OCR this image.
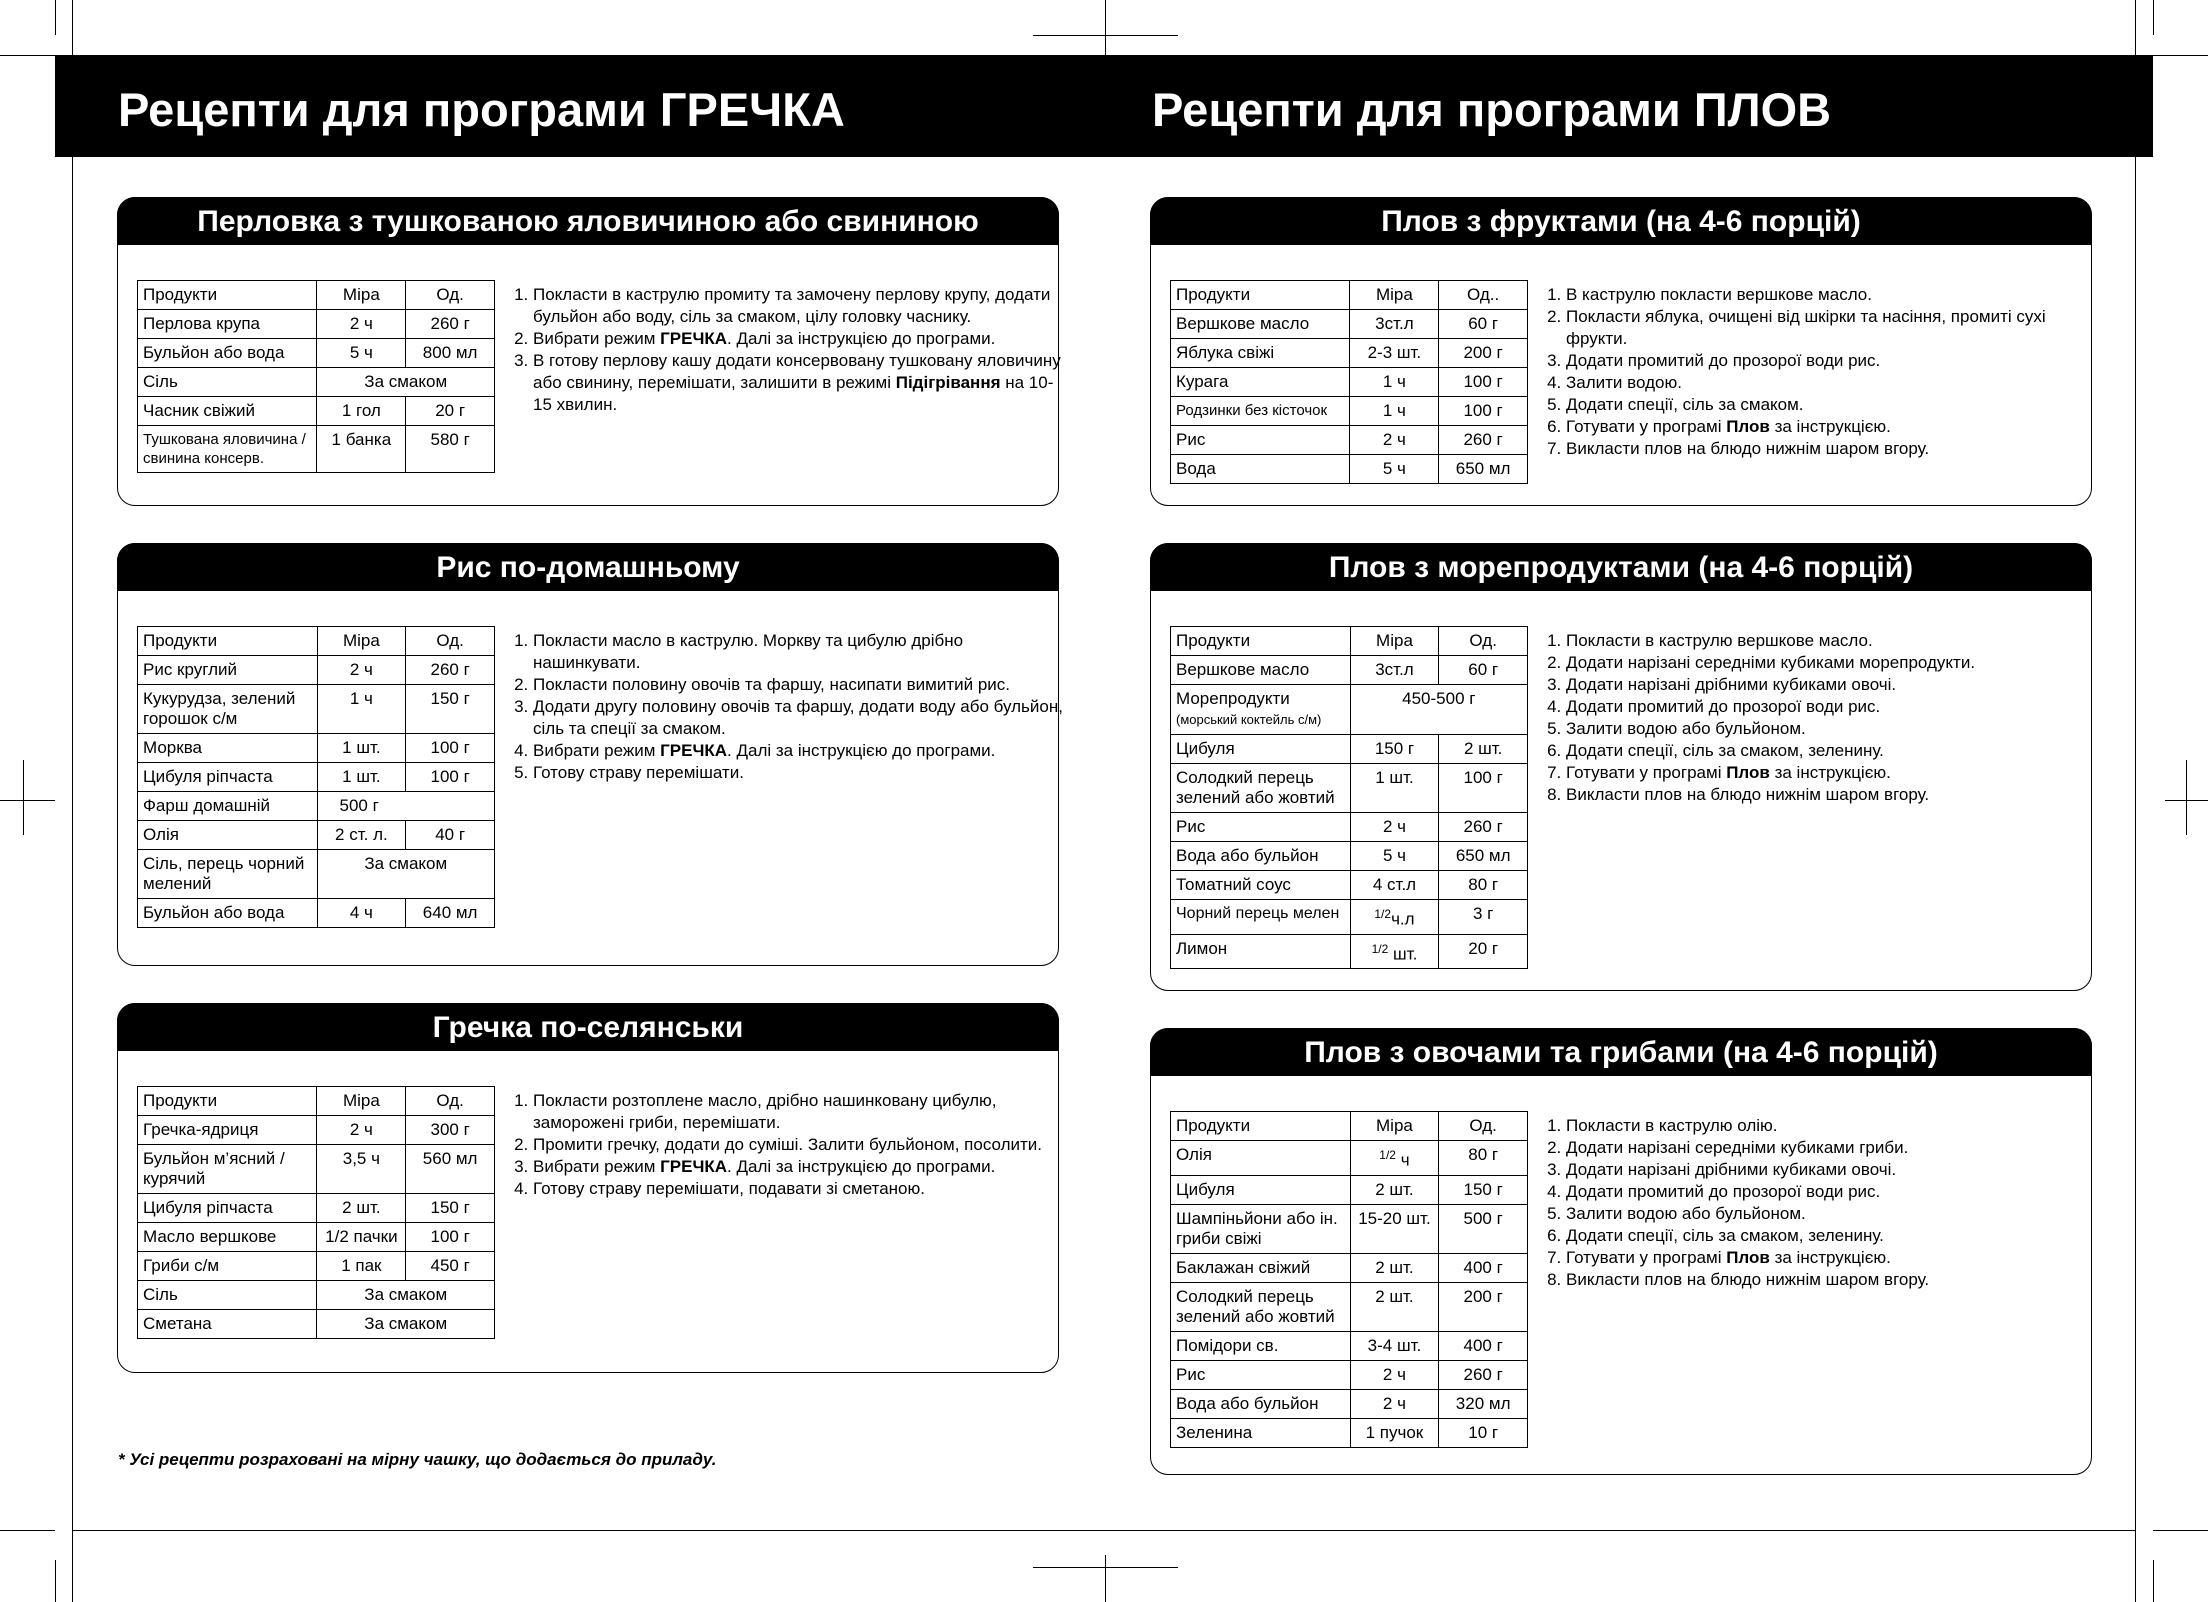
Рецепти для програми ГРЕЧКА	Рецепти для програми ПЛОВ
Перловка з тушкованою яловичиною або свининою
Продукти	Міра	Од.
Перлова крупа	2 ч	260 г
Бульйон або вода	5 ч	800 мл
Сіль	За смаком	
Часник свіжий	1 гол	20 г
Тушкована яловичина / свинина консерв.	1 банка	580 г
1. Покласти в каструлю промиту та замочену перлову крупу, додати бульйон або воду, сіль за смаком, цілу головку часнику.
2. Вибрати режим ГРЕЧКА. Далі за інструкцією до програми.
3. В готову перлову кашу додати консервовану тушковану яловичину або свинину, перемішати, залишити в режимі Підігрівання на 10-15 хвилин.
Рис по-домашньому
Продукти	Міра	Од.
Рис круглий	2 ч	260 г
Кукурудза, зелений горошок с/м	1 ч	150 г
Морква	1 шт.	100 г
Цибуля ріпчаста	1 шт.	100 г
Фарш домашній	500 г	
Олія	2 ст. л.	40 г
Сіль, перець чорний мелений	За смаком	
Бульйон або вода	4 ч	640 мл
1. Покласти масло в каструлю. Моркву та цибулю дрібно нашинкувати.
2. Покласти половину овочів та фаршу, насипати вимитий рис.
3. Додати другу половину овочів та фаршу, додати воду або бульйон, сіль та спеції за смаком.
4. Вибрати режим ГРЕЧКА. Далі за інструкцією до програми.
5. Готову страву перемішати.
Гречка по-селянськи
Продукти	Міра	Од.
Гречка-ядриця	2 ч	300 г
Бульйон м’ясний / курячий	3,5 ч	560 мл
Цибуля ріпчаста	2 шт.	150 г
Масло вершкове	1/2 пачки	100 г
Гриби с/м	1 пак	450 г
Сіль	За смаком	
Сметана	За смаком	
1. Покласти розтоплене масло, дрібно нашинковану цибулю, заморожені гриби, перемішати.
2. Промити гречку, додати до суміші. Залити бульйоном, посолити.
3. Вибрати режим ГРЕЧКА. Далі за інструкцією до програми.
4. Готову страву перемішати, подавати зі сметаною.
* Усі рецепти розраховані на мірну чашку, що додається до приладу.
Плов з фруктами (на 4-6 порцій)
Продукти	Міра	Од..
Вершкове масло	3ст.л	60 г
Яблука свіжі	2-3 шт.	200 г
Курага	1 ч	100 г
Родзинки без кісточок	1 ч	100 г
Рис	2 ч	260 г
Вода	5 ч	650 мл
1. В каструлю покласти вершкове масло.
2. Покласти яблука, очищені від шкірки та насіння, промиті сухі фрукти.
3. Додати промитий до прозорої води рис.
4. Залити водою.
5. Додати спеції, сіль за смаком.
6. Готувати у програмі Плов за інструкцією.
7. Викласти плов на блюдо нижнім шаром вгору.
Плов з морепродуктами (на 4-6 порцій)
Продукти	Міра	Од.
Вершкове масло	3ст.л	60 г
Морепродукти
(морський коктейль с/м)	450-500 г	
Цибуля	150 г	2 шт.
Солодкий перець зелений або жовтий	1 шт.	100 г
Рис	2 ч	260 г
Вода або бульйон	5 ч	650 мл
Томатний соус	4 ст.л	80 г
Чорний перець мелен	$^{1/2}$ч.л	3 г
Лимон	$^{1/2}$ шт.	20 г
1. Покласти в каструлю вершкове масло.
2. Додати нарізані середніми кубиками морепродукти.
3. Додати нарізані дрібними кубиками овочі.
4. Додати промитий до прозорої води рис.
5. Залити водою або бульйоном.
6. Додати спеції, сіль за смаком, зеленину.
7. Готувати у програмі Плов за інструкцією.
8. Викласти плов на блюдо нижнім шаром вгору.
Плов з овочами та грибами (на 4-6 порцій)
Продукти	Міра	Од.
Олія	$^{1/2}$ ч	80 г
Цибуля	2 шт.	150 г
Шампіньйони або ін. гриби свіжі	15-20 шт.	500 г
Баклажан свіжий	2 шт.	400 г
Солодкий перець зелений або жовтий	2 шт.	200 г
Помідори св.	3-4 шт.	400 г
Рис	2 ч	260 г
Вода або бульйон	2 ч	320 мл
Зеленина	1 пучок	10 г
1. Покласти в каструлю олію.
2. Додати нарізані середніми кубиками гриби.
3. Додати нарізані дрібними кубиками овочі.
4. Додати промитий до прозорої води рис.
5. Залити водою або бульйоном.
6. Додати спеції, сіль за смаком, зеленину.
7. Готувати у програмі Плов за інструкцією.
8. Викласти плов на блюдо нижнім шаром вгору.
